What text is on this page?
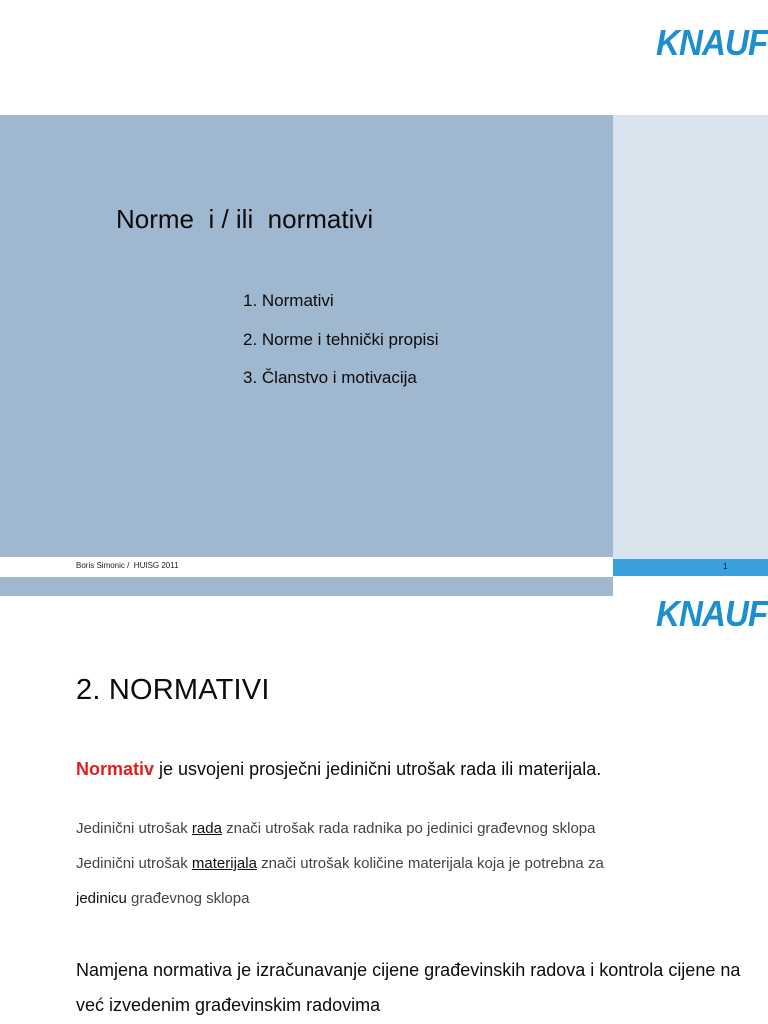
KNAUF
Norme  i / ili  normativi
1. Normativi
2. Norme i tehnički propisi
3. Članstvo i motivacija
Boris Simonic /  HUISG 2011	1
KNAUF
2. NORMATIVI
Normativ je usvojeni prosječni jedinični utrošak rada ili materijala.
Jedinični utrošak rada znači utrošak rada radnika po jedinici građevnog sklopa
Jedinični utrošak materijala znači utrošak količine materijala koja je potrebna za
jedinicu građevnog sklopa
Namjena normativa je izračunavanje cijene građevinskih radova i kontrola cijene na već izvedenim građevinskim radovima
